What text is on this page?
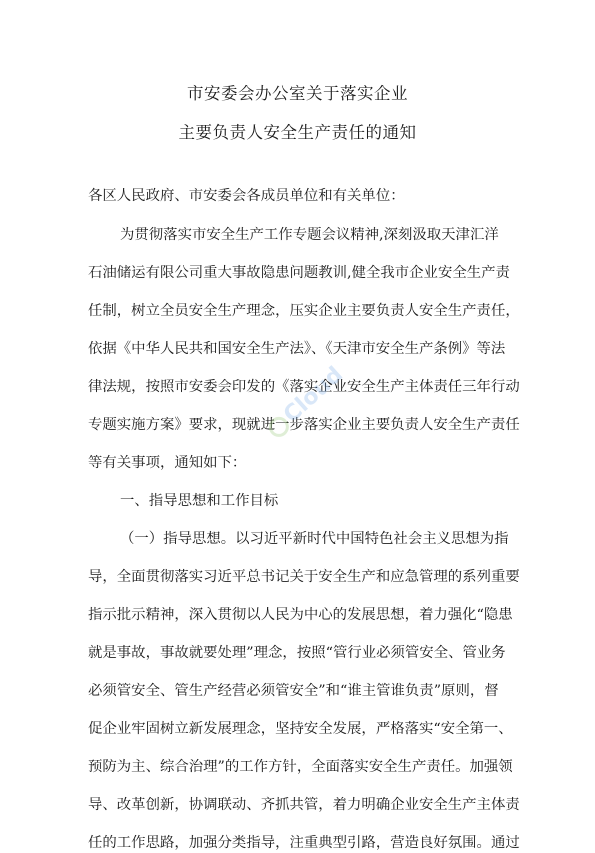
市安委会办公室关于落实企业
主要负责人安全生产责任的通知
各区人民政府、市安委会各成员单位和有关单位：
为贯彻落实市安全生产工作专题会议精神,深刻汲取天津汇洋
石油储运有限公司重大事故隐患问题教训,健全我市企业安全生产责
任制，树立全员安全生产理念，压实企业主要负责人安全生产责任，
依据《中华人民共和国安全生产法》、《天津市安全生产条例》等法
律法规，按照市安委会印发的《落实企业安全生产主体责任三年行动
专题实施方案》要求，现就进一步落实企业主要负责人安全生产责任
等有关事项，通知如下：
一、指导思想和工作目标
（一）指导思想。以习近平新时代中国特色社会主义思想为指
导，全面贯彻落实习近平总书记关于安全生产和应急管理的系列重要
指示批示精神，深入贯彻以人民为中心的发展思想，着力强化“隐患
就是事故，事故就要处理”理念，按照“管行业必须管安全、管业务
必须管安全、管生产经营必须管安全”和“谁主管谁负责”原则，督
促企业牢固树立新发展理念，坚持安全发展，严格落实“安全第一、
预防为主、综合治理”的工作方针，全面落实安全生产责任。加强领
导、改革创新，协调联动、齐抓共管，着力明确企业安全生产主体责
任的工作思路，加强分类指导，注重典型引路，营造良好氛围。通过
Cloud
